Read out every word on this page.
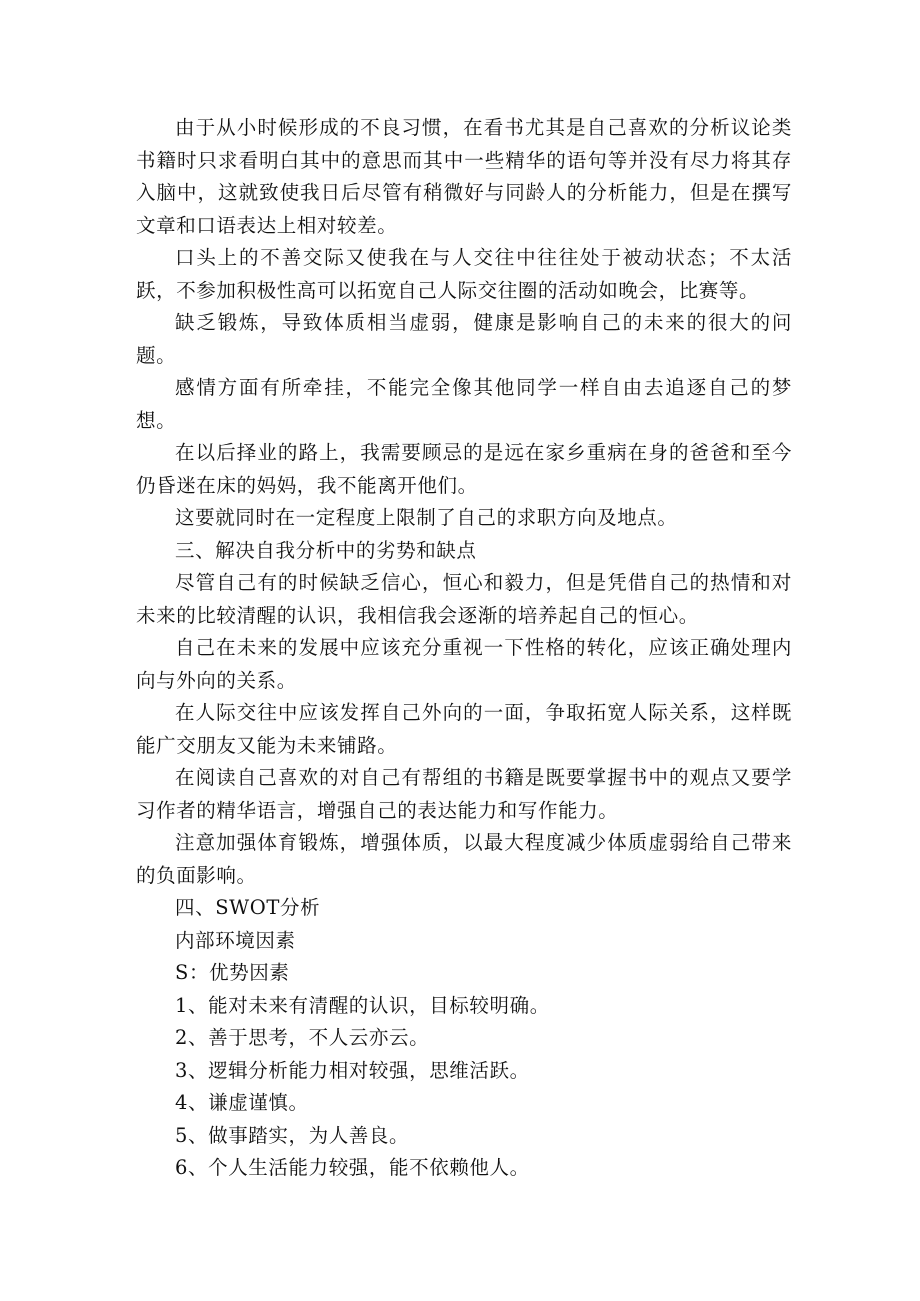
由于从小时候形成的不良习惯，在看书尤其是自己喜欢的分析议论类书籍时只求看明白其中的意思而其中一些精华的语句等并没有尽力将其存入脑中，这就致使我日后尽管有稍微好与同龄人的分析能力，但是在撰写文章和口语表达上相对较差。

口头上的不善交际又使我在与人交往中往往处于被动状态；不太活跃，不参加积极性高可以拓宽自己人际交往圈的活动如晚会，比赛等。

缺乏锻炼，导致体质相当虚弱，健康是影响自己的未来的很大的问题。

感情方面有所牵挂，不能完全像其他同学一样自由去追逐自己的梦想。

在以后择业的路上，我需要顾忌的是远在家乡重病在身的爸爸和至今仍昏迷在床的妈妈，我不能离开他们。

这要就同时在一定程度上限制了自己的求职方向及地点。

三、解决自我分析中的劣势和缺点

尽管自己有的时候缺乏信心，恒心和毅力，但是凭借自己的热情和对未来的比较清醒的认识，我相信我会逐渐的培养起自己的恒心。

自己在未来的发展中应该充分重视一下性格的转化，应该正确处理内向与外向的关系。

在人际交往中应该发挥自己外向的一面，争取拓宽人际关系，这样既能广交朋友又能为未来铺路。

在阅读自己喜欢的对自己有帮组的书籍是既要掌握书中的观点又要学习作者的精华语言，增强自己的表达能力和写作能力。

注意加强体育锻炼，增强体质，以最大程度减少体质虚弱给自己带来的负面影响。

四、SWOT分析

内部环境因素

S：优势因素

1、能对未来有清醒的认识，目标较明确。

2、善于思考，不人云亦云。

3、逻辑分析能力相对较强，思维活跃。

4、谦虚谨慎。

5、做事踏实，为人善良。

6、个人生活能力较强，能不依赖他人。
